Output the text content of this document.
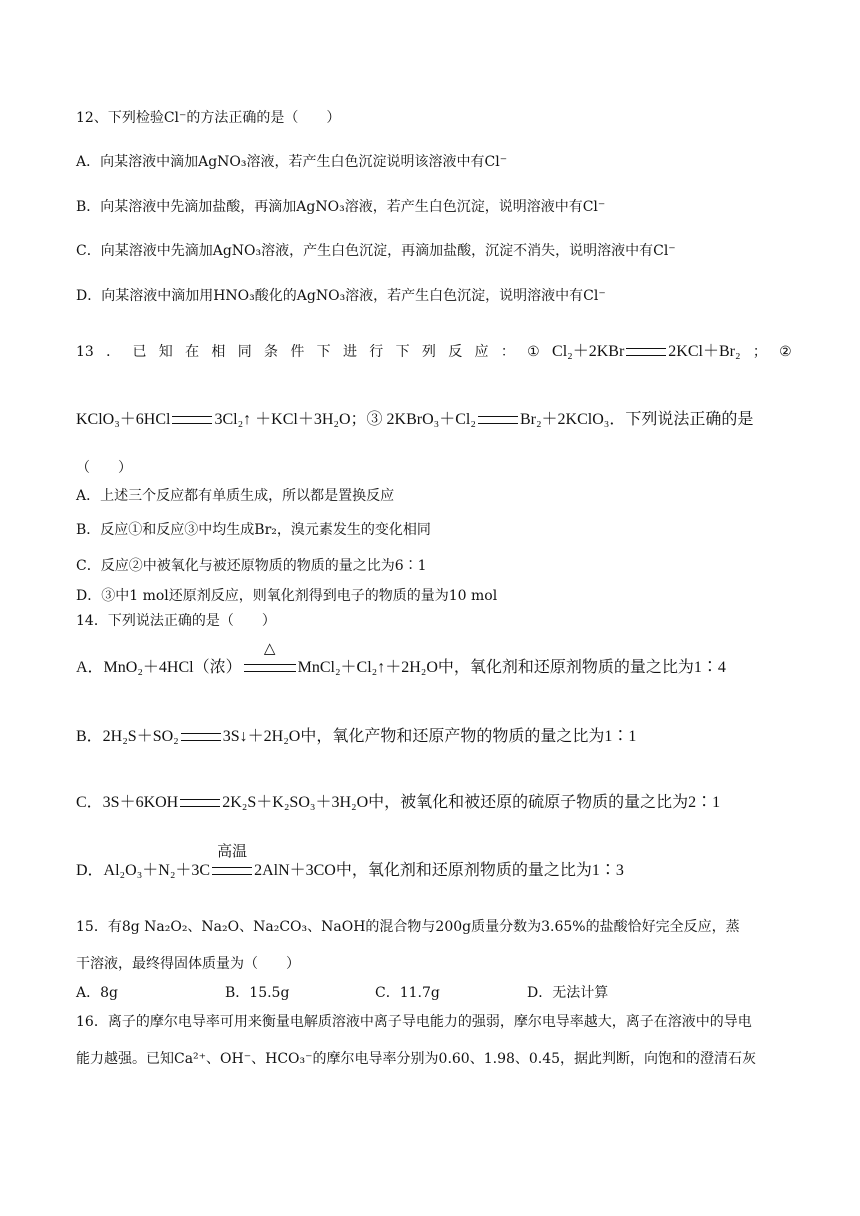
12、下列检验Cl⁻的方法正确的是（　　）
A．向某溶液中滴加AgNO₃溶液，若产生白色沉淀说明该溶液中有Cl⁻
B．向某溶液中先滴加盐酸，再滴加AgNO₃溶液，若产生白色沉淀，说明溶液中有Cl⁻
C．向某溶液中先滴加AgNO₃溶液，产生白色沉淀，再滴加盐酸，沉淀不消失，说明溶液中有Cl⁻
D．向某溶液中滴加用HNO₃酸化的AgNO₃溶液，若产生白色沉淀，说明溶液中有Cl⁻
13 ． 已 知 在 相 同 条 件 下 进 行 下 列 反 应 ： ① Cl₂＋2KBr	2KCl＋Br₂ ； ②
KClO₃＋6HCl	3Cl₂↑ ＋KCl＋3H₂O；③ 2KBrO₃＋Cl₂	Br₂＋2KClO₃．下列说法正确的是
（　　）
A．上述三个反应都有单质生成，所以都是置换反应
B．反应①和反应③中均生成Br₂，溴元素发生的变化相同
C．反应②中被氧化与被还原物质的物质的量之比为6∶1
D．③中1 mol还原剂反应，则氧化剂得到电子的物质的量为10 mol
14．下列说法正确的是（　　）
A．MnO₂＋4HCl（浓）
△
MnCl₂＋Cl₂↑＋2H₂O中，氧化剂和还原剂物质的量之比为1∶4
B．2H₂S＋SO₂	3S↓＋2H₂O中，氧化产物和还原产物的物质的量之比为1∶1
C．3S＋6KOH	2K₂S＋K₂SO₃＋3H₂O中，被氧化和被还原的硫原子物质的量之比为2∶1
D．Al₂O₃＋N₂＋3C
高温
2AlN＋3CO中，氧化剂和还原剂物质的量之比为1∶3
15．有8g Na₂O₂、Na₂O、Na₂CO₃、NaOH的混合物与200g质量分数为3.65%的盐酸恰好完全反应，蒸
干溶液，最终得固体质量为（　　）
A．8g	B．15.5g	C．11.7g	D．无法计算
16．离子的摩尔电导率可用来衡量电解质溶液中离子导电能力的强弱，摩尔电导率越大，离子在溶液中的导电
能力越强。已知Ca²⁺、OH⁻、HCO₃⁻的摩尔电导率分别为0.60、1.98、0.45，据此判断，向饱和的澄清石灰
